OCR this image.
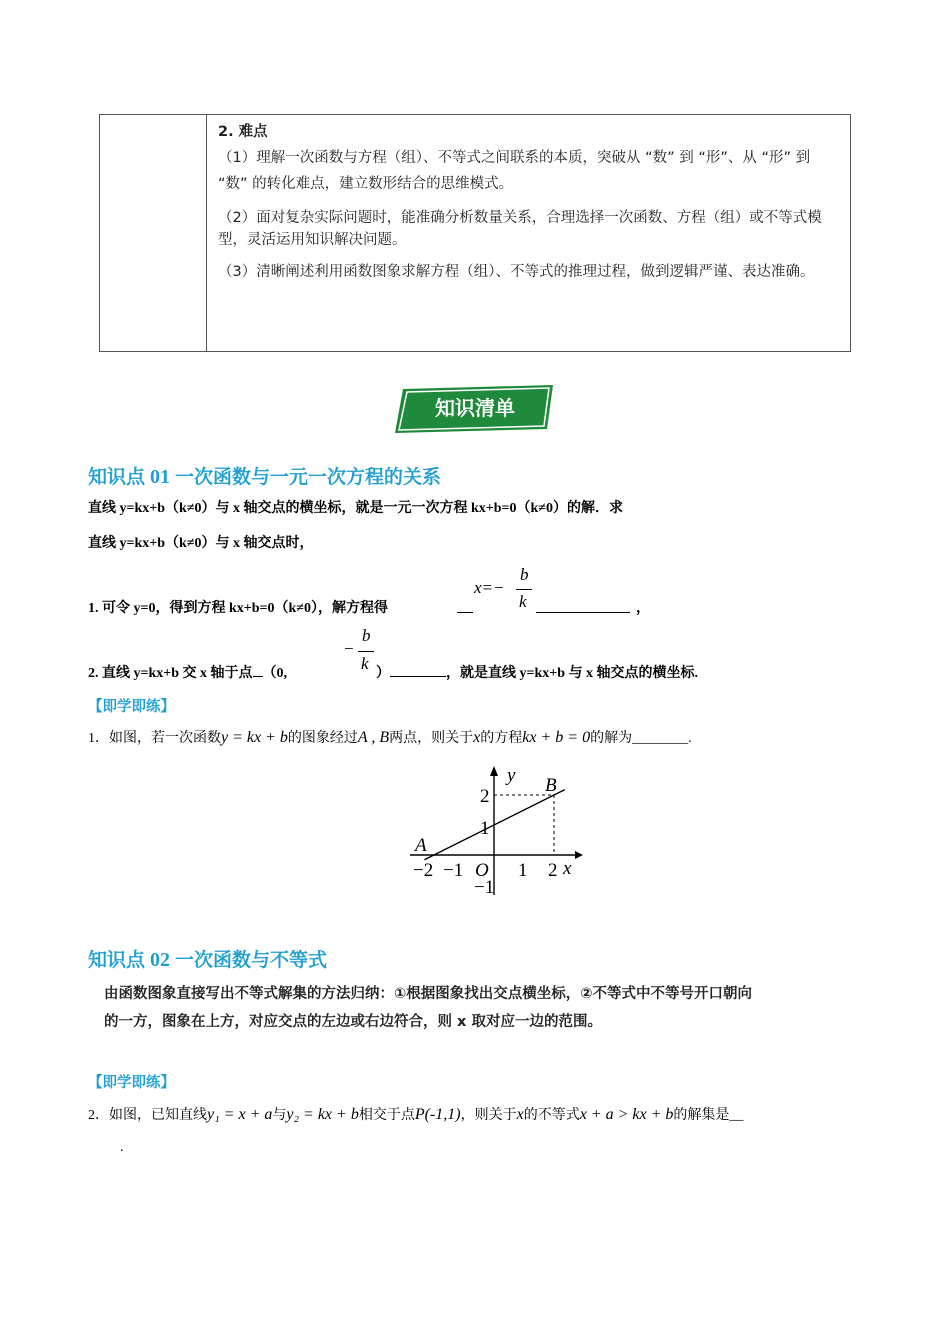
2. 难点

（1）理解一次函数与方程（组）、不等式之间联系的本质，突破从 “数” 到 “形”、从 “形” 到 “数” 的转化难点，建立数形结合的思维模式。

（2）面对复杂实际问题时，能准确分析数量关系，合理选择一次函数、方程（组）或不等式模型，灵活运用知识解决问题。

（3）清晰阐述利用函数图象求解方程（组）、不等式的推理过程，做到逻辑严谨、表达准确。

知识清单
知识点 01 一次函数与一元一次方程的关系
直线 y=kx+b（k≠0）与 x 轴交点的横坐标，就是一元一次方程 kx+b=0（k≠0）的解．求
直线 y=kx+b（k≠0）与 x 轴交点时，
1. 可令 y=0，得到方程 kx+b=0（k≠0），解方程得
x=−
b
k	，
2. 直线 y=kx+b 交 x 轴于点 （0,
−
b
k
）	，就是直线 y=kx+b 与 x 轴交点的横坐标.
【即学即练】
1．如图，若一次函数y = kx + b的图象经过A , B两点，则关于x的方程kx + b = 0的解为________.
y
x
O
A
B
−2 −1	1 2
2
1
−1
知识点 02 一次函数与不等式
由函数图象直接写出不等式解集的方法归纳：①根据图象找出交点横坐标，②不等式中不等号开口朝向
的一方，图象在上方，对应交点的左边或右边符合，则 x 取对应一边的范围。
【即学即练】
2．如图，已知直线y₁ = x + a与y₂ = kx + b相交于点P(-1,1)，则关于x的不等式x + a > kx + b的解集是__
.
